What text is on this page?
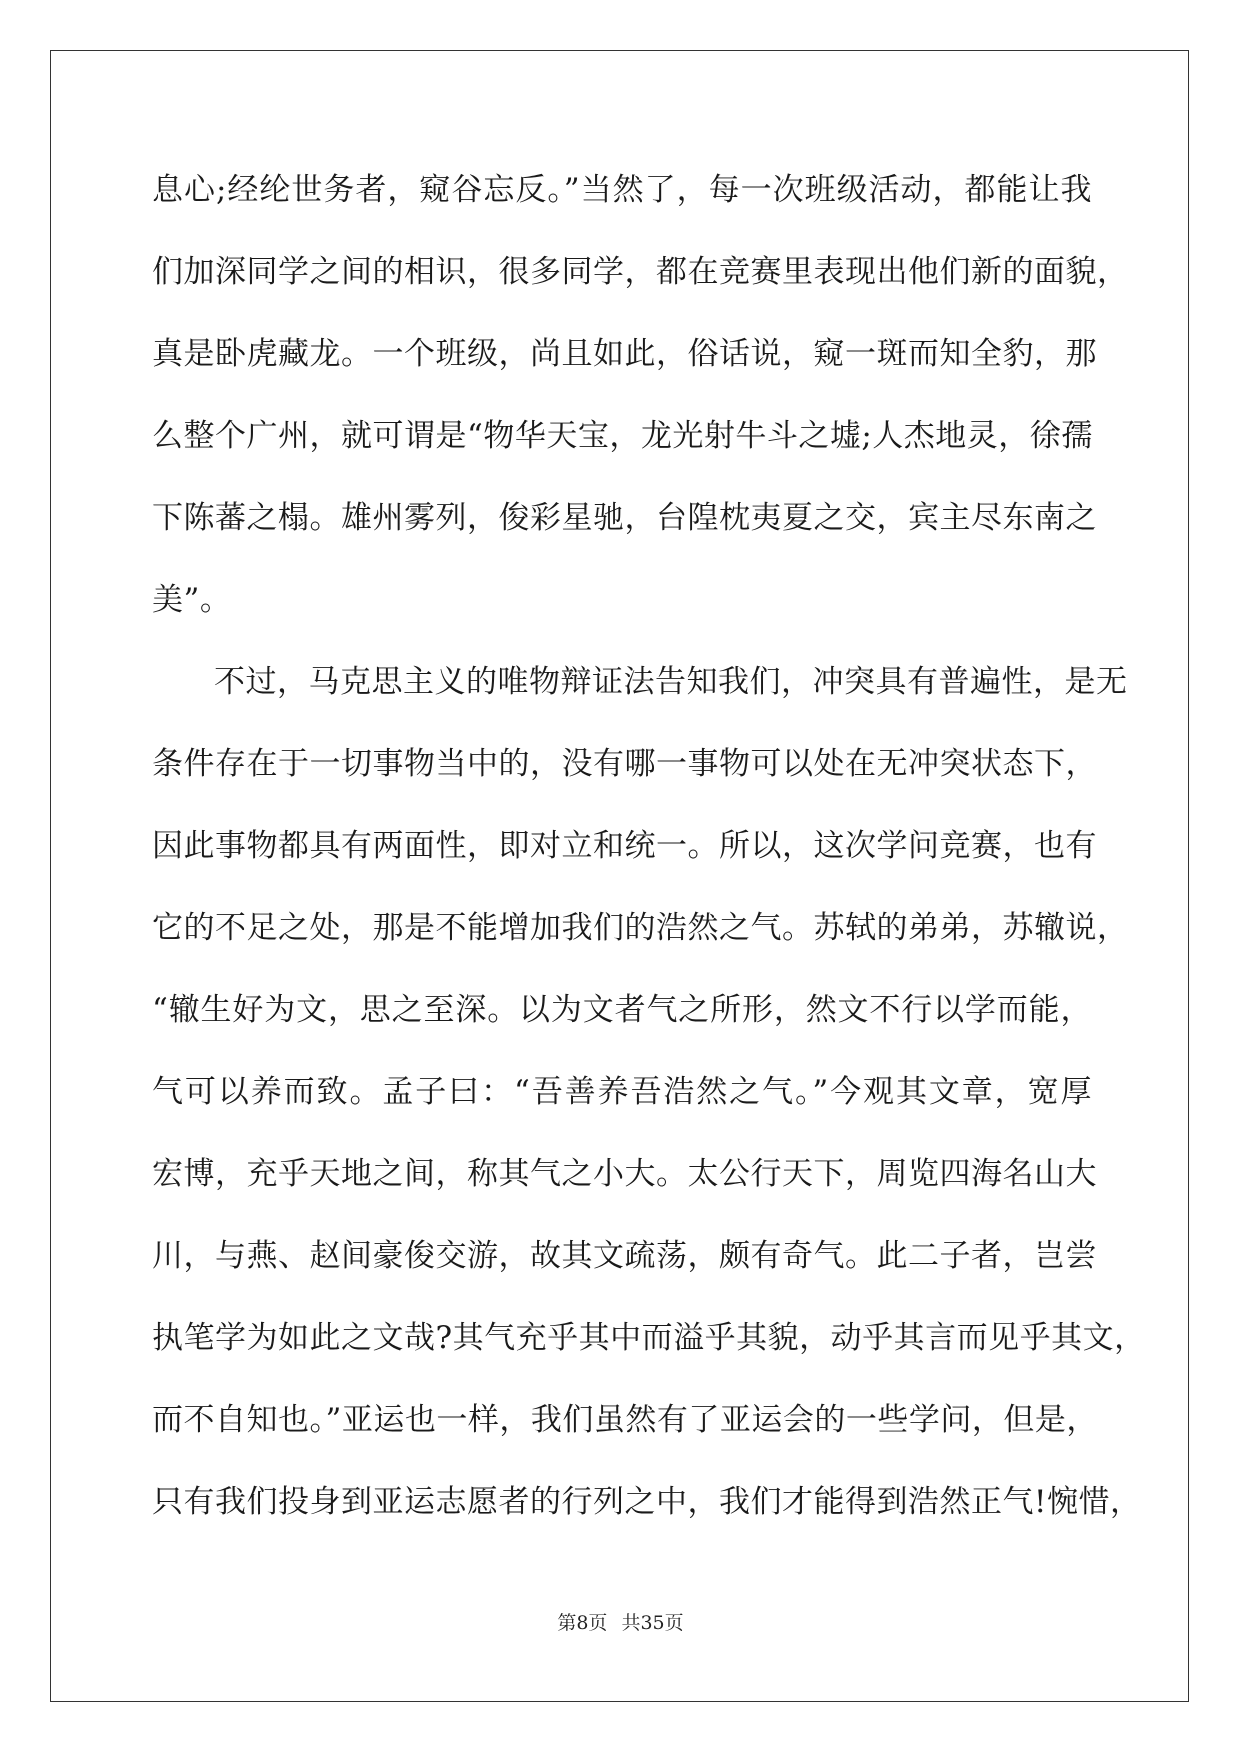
息心;经纶世务者，窥谷忘反。”当然了，每一次班级活动，都能让我
们加深同学之间的相识，很多同学，都在竞赛里表现出他们新的面貌，
真是卧虎藏龙。一个班级，尚且如此，俗话说，窥一斑而知全豹，那
么整个广州，就可谓是“物华天宝，龙光射牛斗之墟;人杰地灵，徐孺
下陈蕃之榻。雄州雾列，俊彩星驰，台隍枕夷夏之交，宾主尽东南之
美”。
不过，马克思主义的唯物辩证法告知我们，冲突具有普遍性，是无
条件存在于一切事物当中的，没有哪一事物可以处在无冲突状态下，
因此事物都具有两面性，即对立和统一。所以，这次学问竞赛，也有
它的不足之处，那是不能增加我们的浩然之气。苏轼的弟弟，苏辙说，
“辙生好为文，思之至深。以为文者气之所形，然文不行以学而能，
气可以养而致。孟子曰：“吾善养吾浩然之气。”今观其文章，宽厚
宏博，充乎天地之间，称其气之小大。太公行天下，周览四海名山大
川，与燕、赵间豪俊交游，故其文疏荡，颇有奇气。此二子者，岂尝
执笔学为如此之文哉?其气充乎其中而溢乎其貌，动乎其言而见乎其文，
而不自知也。”亚运也一样，我们虽然有了亚运会的一些学问，但是，
只有我们投身到亚运志愿者的行列之中，我们才能得到浩然正气!惋惜，
第8页 共35页
